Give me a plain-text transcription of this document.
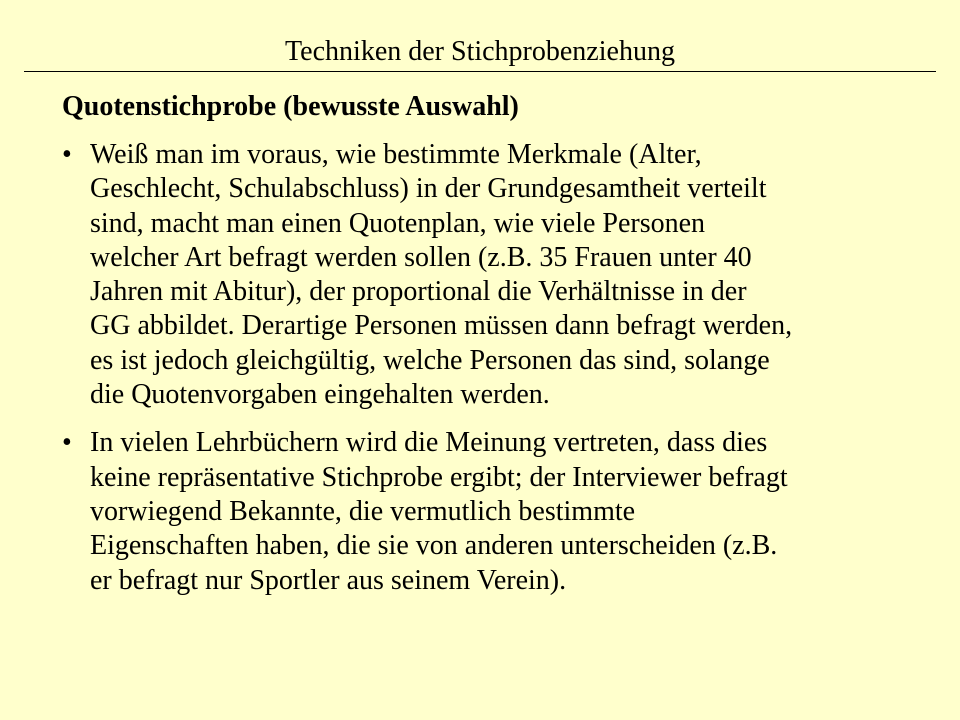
Techniken der Stichprobenziehung
Quotenstichprobe (bewusste Auswahl)
• Weiß man im voraus, wie bestimmte Merkmale (Alter,
Geschlecht, Schulabschluss) in der Grundgesamtheit verteilt
sind, macht man einen Quotenplan, wie viele Personen
welcher Art befragt werden sollen (z.B. 35 Frauen unter 40
Jahren mit Abitur), der proportional die Verhältnisse in der
GG abbildet. Derartige Personen müssen dann befragt werden,
es ist jedoch gleichgültig, welche Personen das sind, solange
die Quotenvorgaben eingehalten werden.
• In vielen Lehrbüchern wird die Meinung vertreten, dass dies
keine repräsentative Stichprobe ergibt; der Interviewer befragt
vorwiegend Bekannte, die vermutlich bestimmte
Eigenschaften haben, die sie von anderen unterscheiden (z.B.
er befragt nur Sportler aus seinem Verein).
